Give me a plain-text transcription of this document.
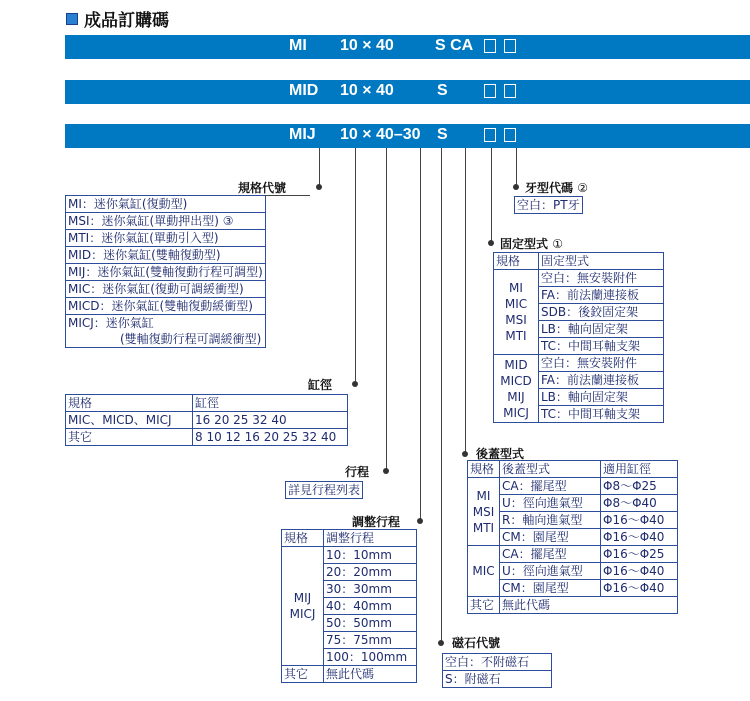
成品訂購碼
MI 10 × 40	S CA
MID 10 × 40	S
MIJ 10 × 40–30 S
規格代號
MI：迷你氣缸(復動型)
MSI：迷你氣缸(單動押出型) ③
MTI：迷你氣缸(單動引入型)
MID：迷你氣缸(雙軸復動型)
MIJ：迷你氣缸(雙軸復動行程可調型)
MIC：迷你氣缸(復動可調緩衝型)
MICD：迷你氣缸(雙軸復動緩衝型)

MICJ：迷你氣缸
(雙軸復動行程可調緩衝型)
缸徑
規格	缸徑
MIC、MICD、MICJ	16 20 25 32 40
其它	8 10 12 16 20 25 32 40
行程
詳見行程列表
調整行程
規格	調整行程
MIJ
MICJ	10：10mm
	20：20mm
	30：30mm
	40：40mm
	50：50mm
	75：75mm
	100：100mm
其它	無此代碼
牙型代碼 ②
空白：PT牙
固定型式 ①
規格	固定型式
MI
MIC
MSI
MTI	空白：無安裝附件
	FA：前法蘭連接板
	SDB：後鉸固定架
	LB：軸向固定架
	TC：中間耳軸支架
MID
MICD
MIJ
MICJ	空白：無安裝附件
	FA：前法蘭連接板
	LB：軸向固定架
	TC：中間耳軸支架
後蓋型式
規格	後蓋型式	適用缸徑
MI
MSI
MTI	CA：擺尾型	Φ8～Φ25
	U：徑向進氣型	Φ8～Φ40
	R：軸向進氣型	Φ16～Φ40
	CM：園尾型	Φ16～Φ40
MIC	CA：擺尾型	Φ16～Φ25
	U：徑向進氣型	Φ16～Φ40
	CM：園尾型	Φ16～Φ40
其它	無此代碼	
磁石代號
空白：不附磁石
S：附磁石
